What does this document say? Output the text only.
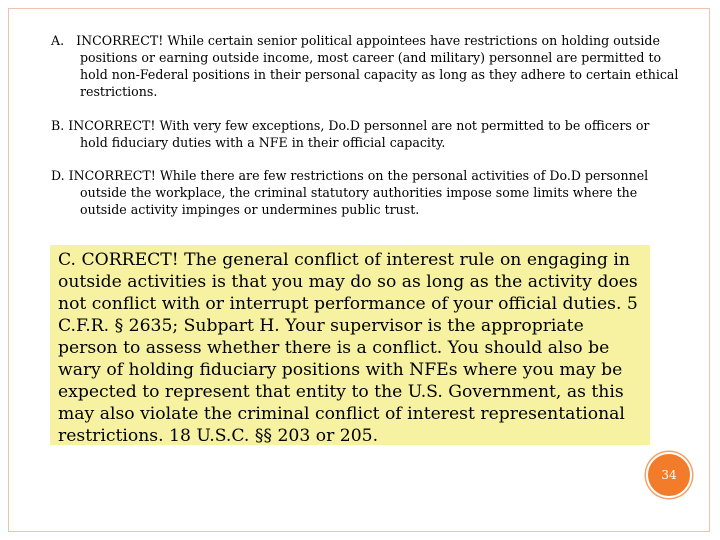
A. INCORRECT! While certain senior political appointees have restrictions on holding outside positions or earning outside income, most career (and military) personnel are permitted to hold non-Federal positions in their personal capacity as long as they adhere to certain ethical restrictions.
B. INCORRECT! With very few exceptions, Do.D personnel are not permitted to be officers or hold fiduciary duties with a NFE in their official capacity.
D. INCORRECT! While there are few restrictions on the personal activities of Do.D personnel outside the workplace, the criminal statutory authorities impose some limits where the outside activity impinges or undermines public trust.
C. CORRECT! The general conflict of interest rule on engaging in outside activities is that you may do so as long as the activity does not conflict with or interrupt performance of your official duties. 5 C.F.R. § 2635; Subpart H. Your supervisor is the appropriate person to assess whether there is a conflict. You should also be wary of holding fiduciary positions with NFEs where you may be expected to represent that entity to the U.S. Government, as this may also violate the criminal conflict of interest representational restrictions. 18 U.S.C. §§ 203 or 205.
34
